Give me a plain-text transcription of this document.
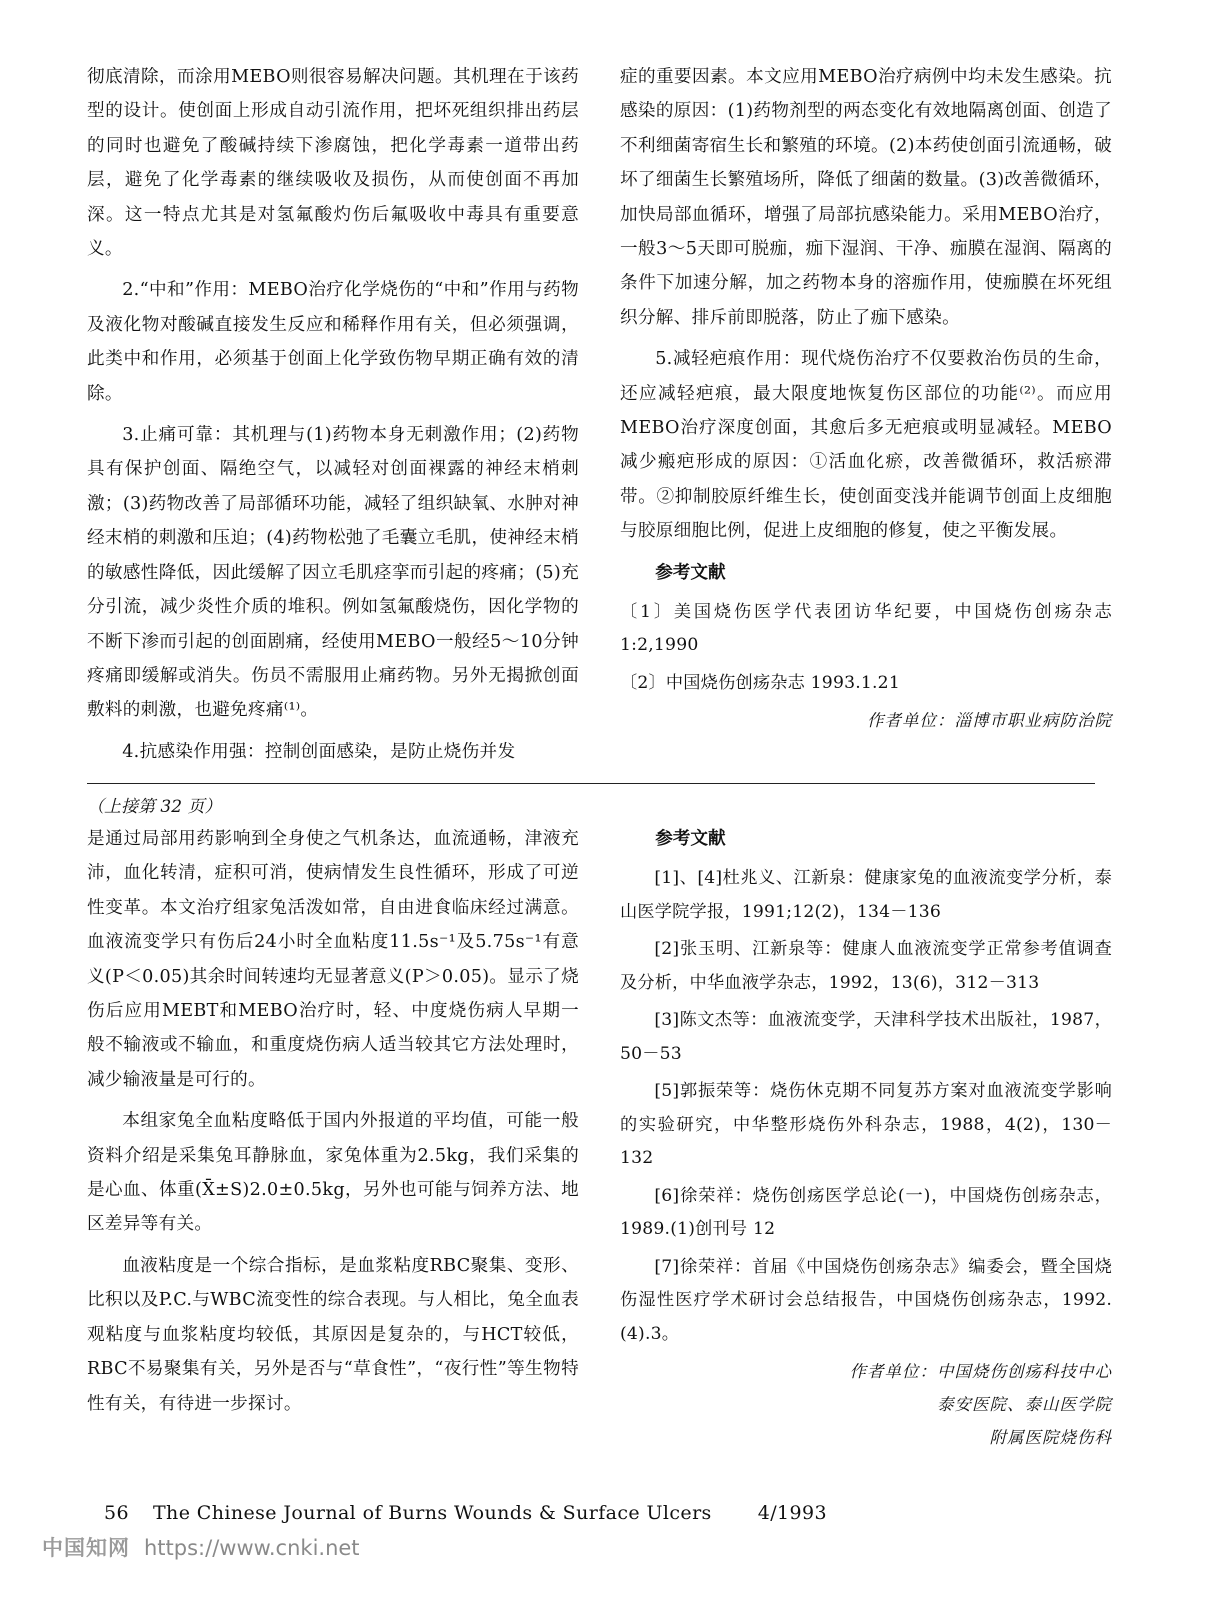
彻底清除，而涂用MEBO则很容易解决问题。其机理在于该药型的设计。使创面上形成自动引流作用，把坏死组织排出药层的同时也避免了酸碱持续下渗腐蚀，把化学毒素一道带出药层，避免了化学毒素的继续吸收及损伤，从而使创面不再加深。这一特点尤其是对氢氟酸灼伤后氟吸收中毒具有重要意义。

2.“中和”作用：MEBO治疗化学烧伤的“中和”作用与药物及液化物对酸碱直接发生反应和稀释作用有关，但必须强调，此类中和作用，必须基于创面上化学致伤物早期正确有效的清除。

3.止痛可靠：其机理与(1)药物本身无刺激作用；(2)药物具有保护创面、隔绝空气，以减轻对创面裸露的神经末梢刺激；(3)药物改善了局部循环功能，减轻了组织缺氧、水肿对神经末梢的刺激和压迫；(4)药物松弛了毛囊立毛肌，使神经末梢的敏感性降低，因此缓解了因立毛肌痉挛而引起的疼痛；(5)充分引流，减少炎性介质的堆积。例如氢氟酸烧伤，因化学物的不断下渗而引起的创面剧痛，经使用MEBO一般经5～10分钟疼痛即缓解或消失。伤员不需服用止痛药物。另外无揭掀创面敷料的刺激，也避免疼痛⁽¹⁾。

4.抗感染作用强：控制创面感染，是防止烧伤并发

症的重要因素。本文应用MEBO治疗病例中均未发生感染。抗感染的原因：(1)药物剂型的两态变化有效地隔离创面、创造了不利细菌寄宿生长和繁殖的环境。(2)本药使创面引流通畅，破坏了细菌生长繁殖场所，降低了细菌的数量。(3)改善微循环，加快局部血循环，增强了局部抗感染能力。采用MEBO治疗，一般3～5天即可脱痂，痂下湿润、干净、痂膜在湿润、隔离的条件下加速分解，加之药物本身的溶痂作用，使痂膜在坏死组织分解、排斥前即脱落，防止了痂下感染。

5.减轻疤痕作用：现代烧伤治疗不仅要救治伤员的生命，还应减轻疤痕，最大限度地恢复伤区部位的功能⁽²⁾。而应用MEBO治疗深度创面，其愈后多无疤痕或明显减轻。MEBO减少瘢疤形成的原因：①活血化瘀，改善微循环，救活瘀滞带。②抑制胶原纤维生长，使创面变浅并能调节创面上皮细胞与胶原细胞比例，促进上皮细胞的修复，使之平衡发展。

参考文献

〔1〕美国烧伤医学代表团访华纪要，中国烧伤创疡杂志 1:2,1990

〔2〕中国烧伤创疡杂志 1993.1.21

作者单位：淄博市职业病防治院

（上接第 32 页）

是通过局部用药影响到全身使之气机条达，血流通畅，津液充沛，血化转清，症积可消，使病情发生良性循环，形成了可逆性变革。本文治疗组家兔活泼如常，自由进食临床经过满意。血液流变学只有伤后24小时全血粘度11.5s⁻¹及5.75s⁻¹有意义(P＜0.05)其余时间转速均无显著意义(P＞0.05)。显示了烧伤后应用MEBT和MEBO治疗时，轻、中度烧伤病人早期一般不输液或不输血，和重度烧伤病人适当较其它方法处理时，减少输液量是可行的。

本组家兔全血粘度略低于国内外报道的平均值，可能一般资料介绍是采集兔耳静脉血，家兔体重为2.5kg，我们采集的是心血、体重(X̄±S)2.0±0.5kg，另外也可能与饲养方法、地区差异等有关。

血液粘度是一个综合指标，是血浆粘度RBC聚集、变形、比积以及P.C.与WBC流变性的综合表现。与人相比，兔全血表观粘度与血浆粘度均较低，其原因是复杂的，与HCT较低，RBC不易聚集有关，另外是否与“草食性”，“夜行性”等生物特性有关，有待进一步探讨。

参考文献

[1]、[4]杜兆义、江新泉：健康家兔的血液流变学分析，泰山医学院学报，1991;12(2)，134－136

[2]张玉明、江新泉等：健康人血液流变学正常参考值调查及分析，中华血液学杂志，1992，13(6)，312－313

[3]陈文杰等：血液流变学，天津科学技术出版社，1987，50－53

[5]郭振荣等：烧伤休克期不同复苏方案对血液流变学影响的实验研究，中华整形烧伤外科杂志，1988，4(2)，130－132

[6]徐荣祥：烧伤创疡医学总论(一)，中国烧伤创疡杂志，1989.(1)创刊号 12

[7]徐荣祥：首届《中国烧伤创疡杂志》编委会，暨全国烧伤湿性医疗学术研讨会总结报告，中国烧伤创疡杂志，1992.(4).3。

作者单位：中国烧伤创疡科技中心

泰安医院、泰山医学院

附属医院烧伤科

56 The Chinese Journal of Burns Wounds & Surface Ulcers 4/1993
中国知网 https://www.cnki.net
